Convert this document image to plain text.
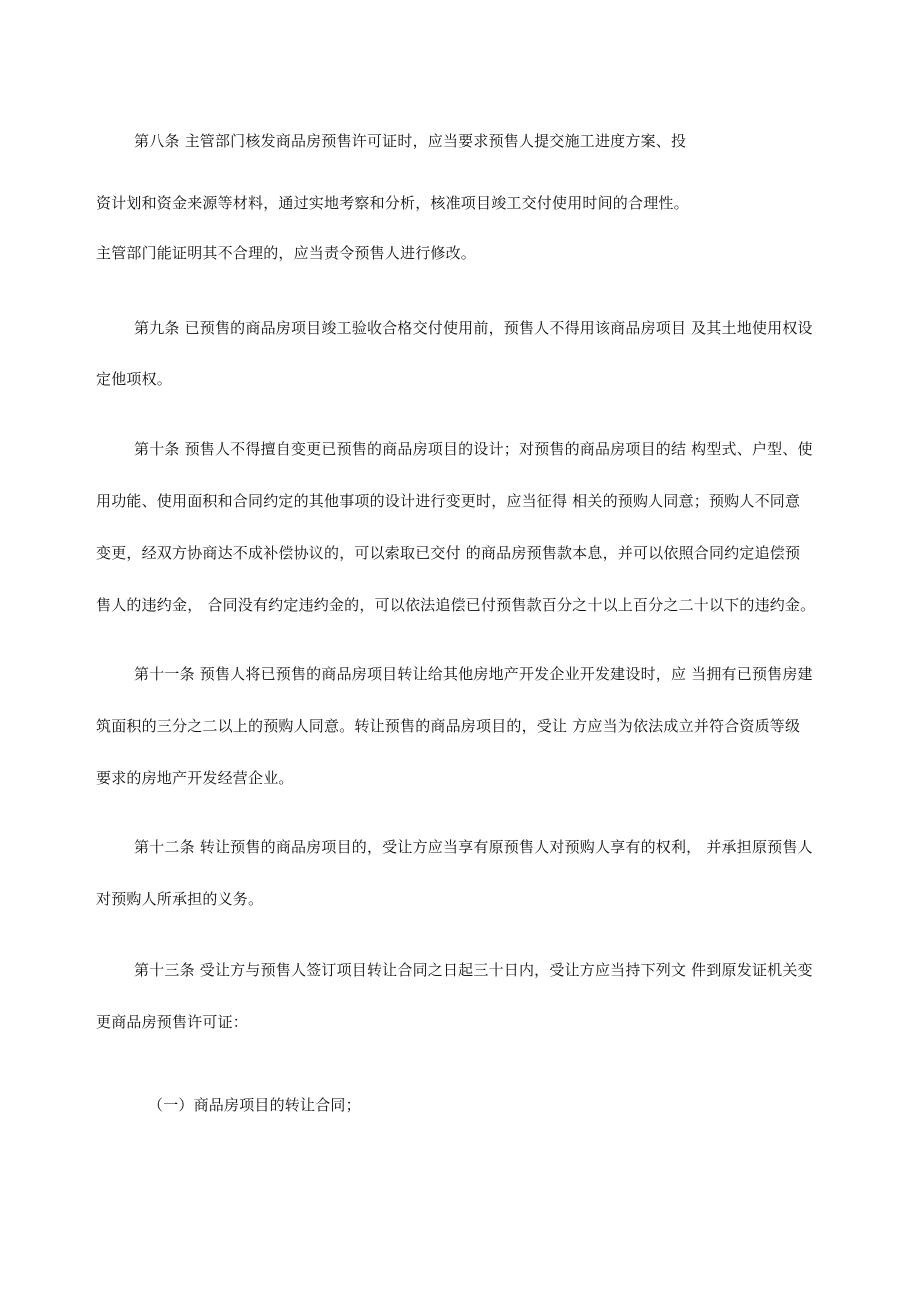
第八条 主管部门核发商品房预售许可证时，应当要求预售人提交施工进度方案、投
资计划和资金来源等材料，通过实地考察和分析，核准项目竣工交付使用时间的合理性。
主管部门能证明其不合理的，应当责令预售人进行修改。
第九条 已预售的商品房项目竣工验收合格交付使用前，预售人不得用该商品房项目 及其土地使用权设
定他项权。
第十条 预售人不得擅自变更已预售的商品房项目的设计；对预售的商品房项目的结 构型式、户型、使
用功能、使用面积和合同约定的其他事项的设计进行变更时，应当征得 相关的预购人同意；预购人不同意
变更，经双方协商达不成补偿协议的，可以索取已交付 的商品房预售款本息，并可以依照合同约定追偿预
售人的违约金， 合同没有约定违约金的，可以依法追偿已付预售款百分之十以上百分之二十以下的违约金。
第十一条 预售人将已预售的商品房项目转让给其他房地产开发企业开发建设时，应 当拥有已预售房建
筑面积的三分之二以上的预购人同意。转让预售的商品房项目的，受让 方应当为依法成立并符合资质等级
要求的房地产开发经营企业。
第十二条 转让预售的商品房项目的，受让方应当享有原预售人对预购人享有的权利， 并承担原预售人
对预购人所承担的义务。
第十三条 受让方与预售人签订项目转让合同之日起三十日内，受让方应当持下列文 件到原发证机关变
更商品房预售许可证：
（一）商品房项目的转让合同；
